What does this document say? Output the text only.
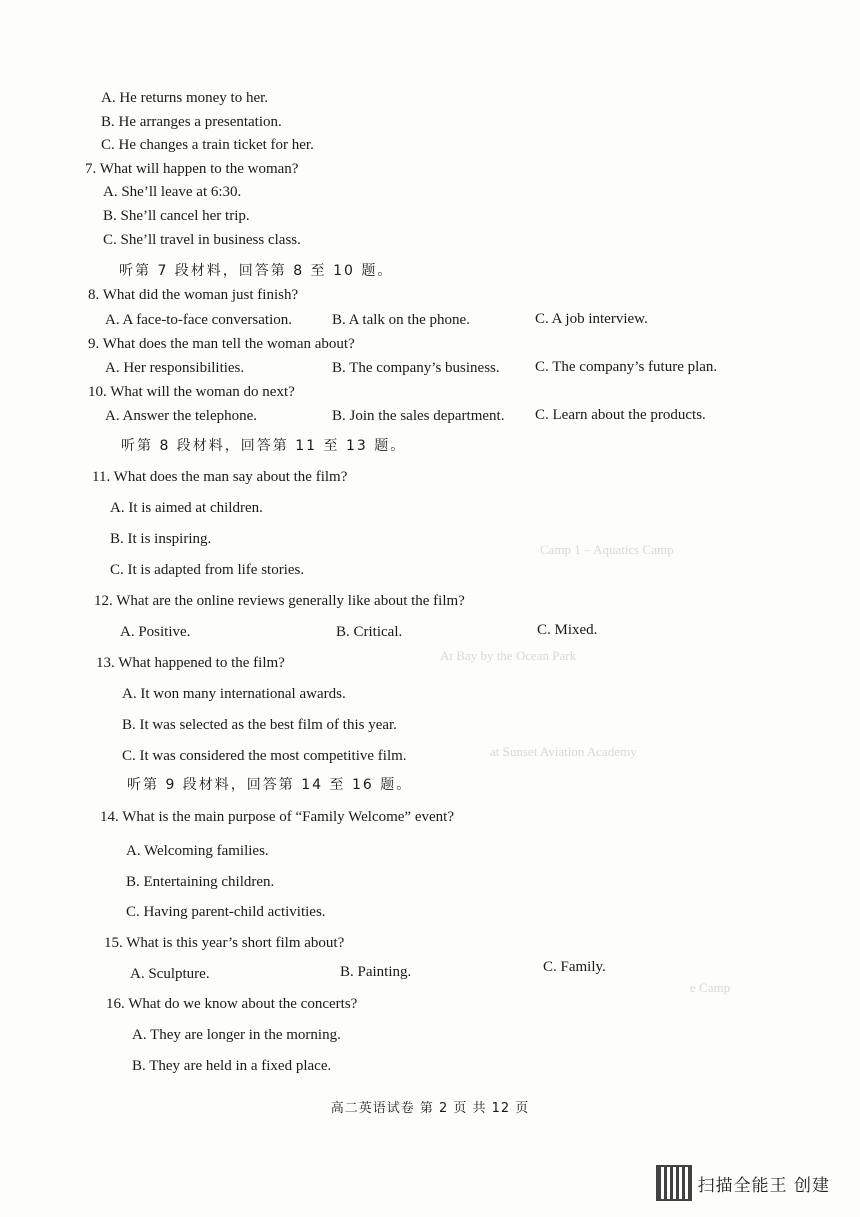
Camp 1 – Aquatics Camp
At Bay by the Ocean Park
at Sunset Aviation Academy
e Camp
A. He returns money to her.
B. He arranges a presentation.
C. He changes a train ticket for her.
7. What will happen to the woman?
A. She’ll leave at 6:30.
B. She’ll cancel her trip.
C. She’ll travel in business class.
听第 7 段材料，回答第 8 至 10 题。
8. What did the woman just finish?
A. A face-to-face conversation.	B. A talk on the phone.	C. A job interview.
9. What does the man tell the woman about?
A. Her responsibilities.	B. The company’s business. C. The company’s future plan.
10. What will the woman do next?
A. Answer the telephone.	B. Join the sales department. C. Learn about the products.
听第 8 段材料，回答第 11 至 13 题。
11. What does the man say about the film?
A. It is aimed at children.
B. It is inspiring.
C. It is adapted from life stories.
12. What are the online reviews generally like about the film?
A. Positive.	B. Critical.	C. Mixed.
13. What happened to the film?
A. It won many international awards.
B. It was selected as the best film of this year.
C. It was considered the most competitive film.
听第 9 段材料，回答第 14 至 16 题。
14. What is the main purpose of “Family Welcome” event?
A. Welcoming families.
B. Entertaining children.
C. Having parent-child activities.
15. What is this year’s short film about?
A. Sculpture.	B. Painting.	C. Family.
16. What do we know about the concerts?
A. They are longer in the morning.
B. They are held in a fixed place.
高二英语试卷 第 2 页 共 12 页
扫描全能王 创建
